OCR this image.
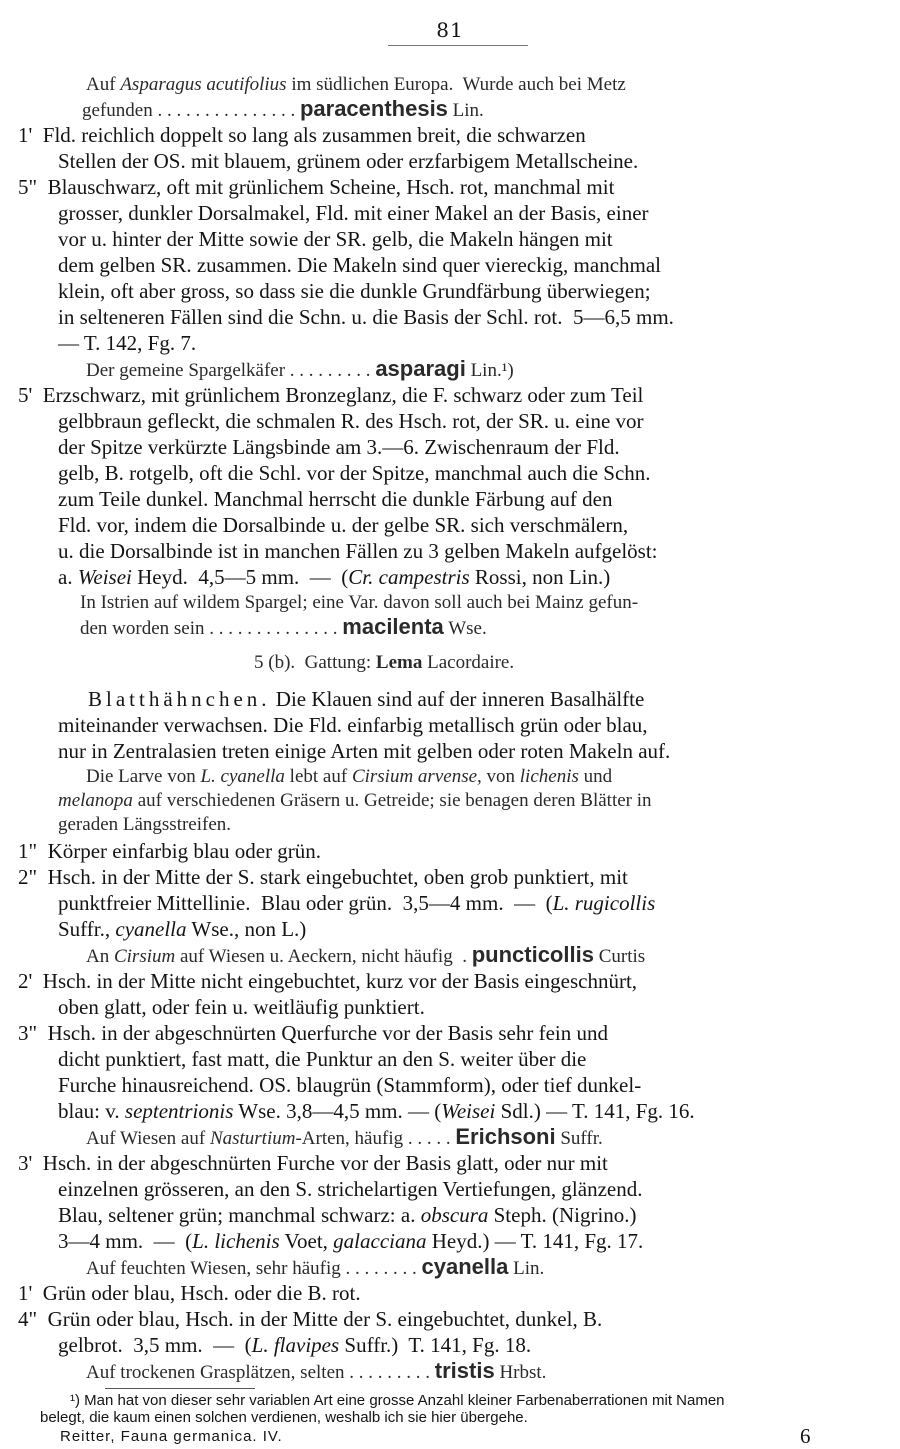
81
Auf Asparagus acutifolius im südlichen Europa.  Wurde auch bei Metz
gefunden . . . . . . . . . . . . . . . paracenthesis Lin.
1'  Fld. reichlich doppelt so lang als zusammen breit, die schwarzen
Stellen der OS. mit blauem, grünem oder erzfarbigem Metallscheine.
5"  Blauschwarz, oft mit grünlichem Scheine, Hsch. rot, manchmal mit
grosser, dunkler Dorsalmakel, Fld. mit einer Makel an der Basis, einer
vor u. hinter der Mitte sowie der SR. gelb, die Makeln hängen mit
dem gelben SR. zusammen. Die Makeln sind quer viereckig, manchmal
klein, oft aber gross, so dass sie die dunkle Grundfärbung überwiegen;
in selteneren Fällen sind die Schn. u. die Basis der Schl. rot.  5—6,5 mm.
— T. 142, Fg. 7.
Der gemeine Spargelkäfer . . . . . . . . . asparagi Lin.¹)
5'  Erzschwarz, mit grünlichem Bronzeglanz, die F. schwarz oder zum Teil
gelbbraun gefleckt, die schmalen R. des Hsch. rot, der SR. u. eine vor
der Spitze verkürzte Längsbinde am 3.—6. Zwischenraum der Fld.
gelb, B. rotgelb, oft die Schl. vor der Spitze, manchmal auch die Schn.
zum Teile dunkel. Manchmal herrscht die dunkle Färbung auf den
Fld. vor, indem die Dorsalbinde u. der gelbe SR. sich verschmälern,
u. die Dorsalbinde ist in manchen Fällen zu 3 gelben Makeln aufgelöst:
a. Weisei Heyd.  4,5—5 mm.  —  (Cr. campestris Rossi, non Lin.)
In Istrien auf wildem Spargel; eine Var. davon soll auch bei Mainz gefun-
den worden sein . . . . . . . . . . . . . . macilenta Wse.
5 (b).  Gattung: Lema Lacordaire.
Blatthähnchen. Die Klauen sind auf der inneren Basalhälfte
miteinander verwachsen. Die Fld. einfarbig metallisch grün oder blau,
nur in Zentralasien treten einige Arten mit gelben oder roten Makeln auf.
Die Larve von L. cyanella lebt auf Cirsium arvense, von lichenis und
melanopa auf verschiedenen Gräsern u. Getreide; sie benagen deren Blätter in
geraden Längsstreifen.
1"  Körper einfarbig blau oder grün.
2"  Hsch. in der Mitte der S. stark eingebuchtet, oben grob punktiert, mit
punktfreier Mittellinie.  Blau oder grün.  3,5—4 mm.  —  (L. rugicollis
Suffr., cyanella Wse., non L.)
An Cirsium auf Wiesen u. Aeckern, nicht häufig  . puncticollis Curtis
2'  Hsch. in der Mitte nicht eingebuchtet, kurz vor der Basis eingeschnürt,
oben glatt, oder fein u. weitläufig punktiert.
3"  Hsch. in der abgeschnürten Querfurche vor der Basis sehr fein und
dicht punktiert, fast matt, die Punktur an den S. weiter über die
Furche hinausreichend. OS. blaugrün (Stammform), oder tief dunkel-
blau: v. septentrionis Wse. 3,8—4,5 mm. — (Weisei Sdl.) — T. 141, Fg. 16.
Auf Wiesen auf Nasturtium-Arten, häufig . . . . . Erichsoni Suffr.
3'  Hsch. in der abgeschnürten Furche vor der Basis glatt, oder nur mit
einzelnen grösseren, an den S. strichelartigen Vertiefungen, glänzend.
Blau, seltener grün; manchmal schwarz: a. obscura Steph. (Nigrino.)
3—4 mm.  —  (L. lichenis Voet, galacciana Heyd.) — T. 141, Fg. 17.
Auf feuchten Wiesen, sehr häufig . . . . . . . . cyanella Lin.
1'  Grün oder blau, Hsch. oder die B. rot.
4"  Grün oder blau, Hsch. in der Mitte der S. eingebuchtet, dunkel, B.
gelbrot.  3,5 mm.  —  (L. flavipes Suffr.)  T. 141, Fg. 18.
Auf trockenen Grasplätzen, selten . . . . . . . . . tristis Hrbst.
¹) Man hat von dieser sehr variablen Art eine grosse Anzahl kleiner Farbenaberrationen mit Namen
belegt, die kaum einen solchen verdienen, weshalb ich sie hier übergehe.
Reitter, Fauna germanica. IV.	6
